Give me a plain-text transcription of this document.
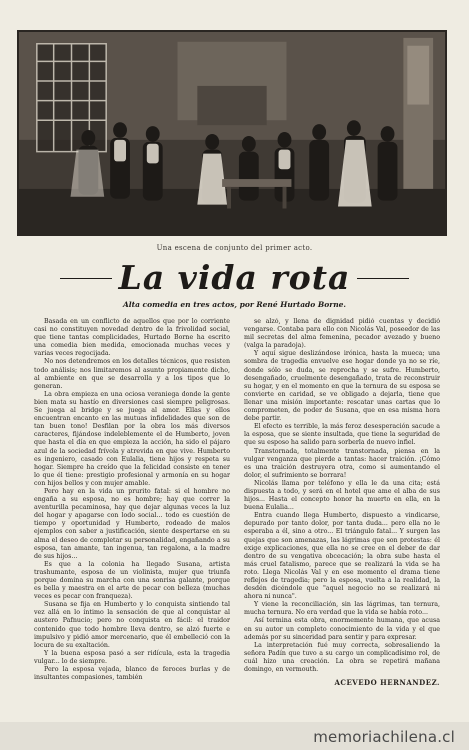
Una escena de conjunto del primer acto.
La vida rota
Alta comedia en tres actos, por René Hurtado Borne.

Basada en un conflicto de aquellos que por lo corriente casi no constituyen novedad dentro de la frivolidad social, que tiene tantas complicidades, Hurtado Borne ha escrito una comedia bien medida, emocionada muchas veces y varias veces regocijada.

No nos detendremos en los detalles técnicos, que resisten todo análisis; nos limitaremos al asunto propiamente dicho, al ambiente en que se desarrolla y a los tipos que lo generan.

La obra empieza en una ociosa veraniega donde la gente bien mata su hastío en diversiones casi siempre peligrosas. Se juega al bridge y se juega al amor. Ellas y ellos encuentran encanto en las mutuas infidelidades que son de tan buen tono! Desfilan por la obra los más diversos caracteres, fijándose indeleblemente el de Humberto, joven que hasta el día en que empieza la acción, ha sido el pájaro azul de la sociedad frívola y atrevida en que vive. Humberto es ingeniero, casado con Eulalia, tiene hijos y respeta su hogar. Siempre ha creído que la felicidad consiste en tener lo que él tiene: prestigio profesional y armonía en su hogar con hijos bellos y con mujer amable.

Pero hay en la vida un prurito fatal: si el hombre no engaña a su esposa, no es hombre; hay que correr la aventurilla pecaminosa, hay que dejar algunas veces la luz del hogar y apagarse con lodo social... todo es cuestión de tiempo y oportunidad y Humberto, rodeado de malos ejemplos con saber a justificación, siente despertarse en su alma el deseo de completar su personalidad, engañando a su esposa, tan amante, tan ingenua, tan regalona, a la madre de sus hijos...

Es que a la colonia ha llegado Susana, artista trashumante, esposa de un violinista, mujer que triunfa porque domina su marcha con una sonrisa galante, porque es bella y maestra en el arte de pecar con belleza (muchas veces es pecar con franqueza).

Susana se fija en Humberto y lo conquista sintiendo tal vez allá en lo íntimo la sensación de que al conquistar al austero Pafnucio; pero no conquista en fácil: el traidor contenido que todo hombre lleva dentro, se alzó fuerte e impulsivo y pidió amor mercenario, que él embelleció con la locura de su exaltación.

Y la buena esposa pasó a ser ridícula, esta la tragedia vulgar... lo de siempre.

Pero la esposa vejada, blanco de feroces burlas y de insultantes compasiones, también

se alzó, y llena de dignidad pidió cuentas y decidió vengarse. Contaba para ello con Nicolás Val, poseedor de las mil secretas del alma femenina, pecador avezado y bueno (valga la paradoja).

Y aquí sigue deslizándose irónica, hasta la mueca; una sombra de tragedia envuelve ese hogar donde ya no se ríe, donde sólo se duda, se reprocha y se sufre. Humberto, desengañado, cruelmente desengañado, trata de reconstruir su hogar, y en el momento en que la ternura de su esposa se convierte en caridad, se ve obligado a dejarla, tiene que llenar una misión importante: rescatar unas cartas que lo comprometen, de poder de Susana, que en esa misma hora debe partir.

El efecto es terrible, la más feroz desesperación sacude a la esposa, que se siente insultada, que tiene la seguridad de que su esposo ha salido para sorberla de nuevo infiel.

Transtornada, totalmente transtornada, piensa en la vulgar venganza que pierde a tantas: hacer traición. ¡Cómo es una traición destruyera otra, como si aumentando el dolor, el sufrimiento se borrara!

Nicolás llama por teléfono y ella le da una cita; está dispuesta a todo, y será en el hotel que ame el alba de sus hijos... Hasta el concepto honor ha muerto en ella, en la buena Eulalia...

Entra cuando llega Humberto, dispuesto a vindicarse, depurado por tanto dolor, por tanta duda... pero ella no le esperaba a él, sino a otro... El triángulo fatal... Y surgen las quejas que son amenazas, las lágrimas que son protestas: él exige explicaciones, que ella no se cree en el deber de dar dentro de su vengativa obcecación; la obra sube hasta el más cruel fatalismo, parece que se realizará la vida se ha roto. Llega Nicolás Val y en ese momento el drama tiene reflejos de tragedia; pero la esposa, vuelta a la realidad, la desdén dicéndole que "aquel negocio no se realizará ni ahora ni nunca".

Y viene la reconciliación, sin las lágrimas, tan ternura, mucha ternura. No era verdad que la vida se había roto...

Así termina esta obra, enormemente humana, que acusa en su autor un completo conocimiento de la vida y el que además por su sinceridad para sentir y para expresar.

La interpretación fué muy correcta, sobresaliendo la señora Padín que tuvo a su cargo un complicadísimo rol, de cuál hizo una creación. La obra se repetirá mañana domingo, en vermouth.

ACEVEDO HERNANDEZ.
memoriachilena.cl
